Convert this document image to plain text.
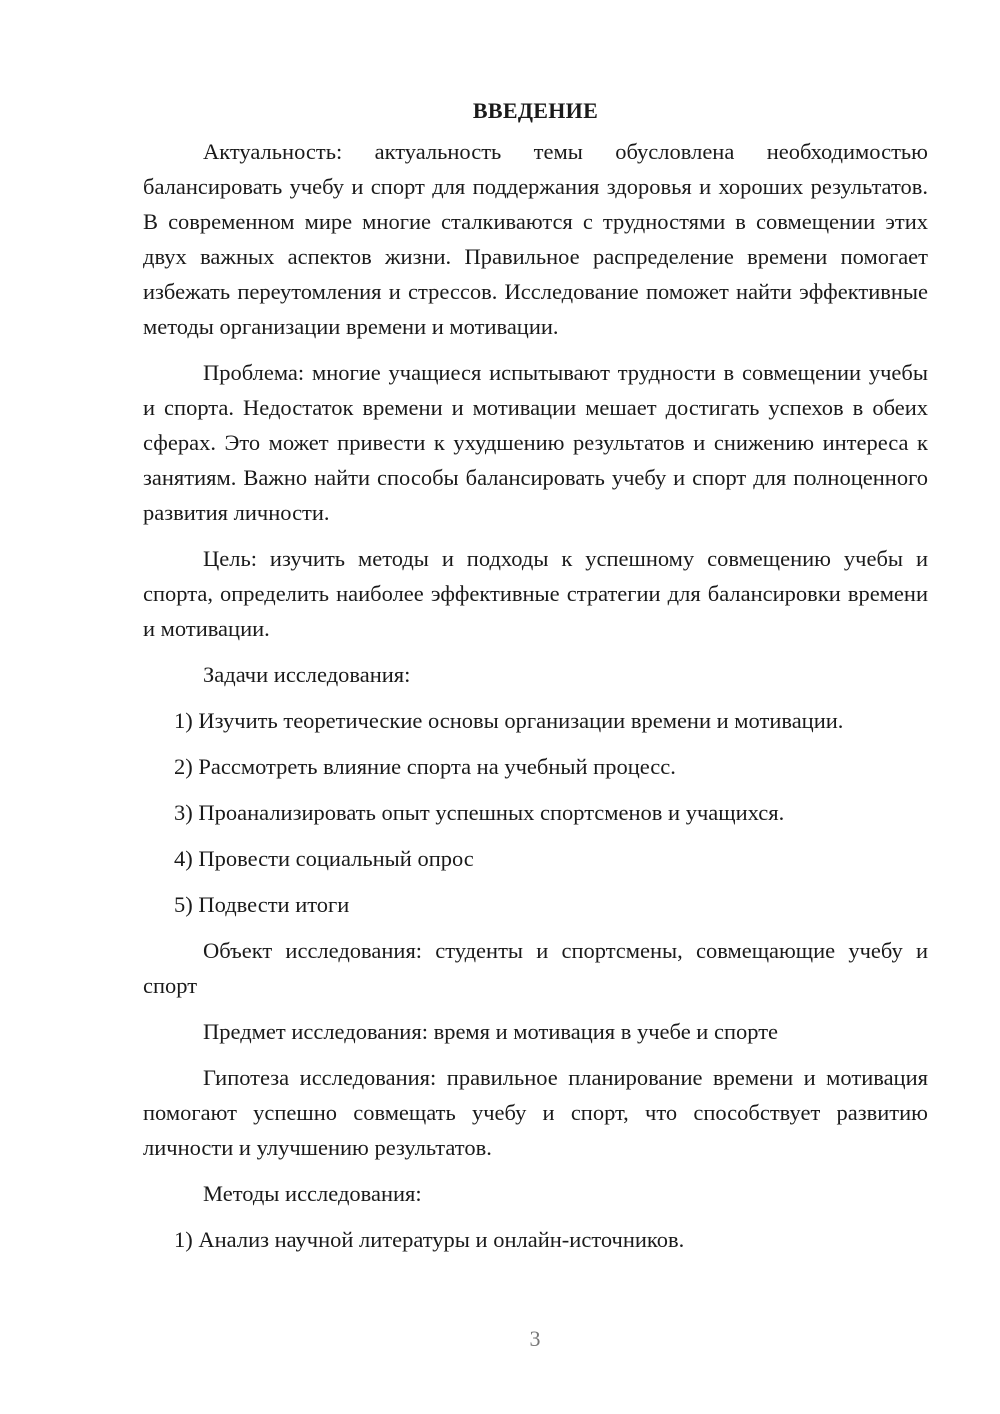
ВВЕДЕНИЕ

Актуальность: актуальность темы обусловлена необходимостью балансировать учебу и спорт для поддержания здоровья и хороших результатов. В современном мире многие сталкиваются с трудностями в совмещении этих двух важных аспектов жизни. Правильное распределение времени помогает избежать переутомления и стрессов. Исследование поможет найти эффективные методы организации времени и мотивации.

Проблема: многие учащиеся испытывают трудности в совмещении учебы и спорта. Недостаток времени и мотивации мешает достигать успехов в обеих сферах. Это может привести к ухудшению результатов и снижению интереса к занятиям. Важно найти способы балансировать учебу и спорт для полноценного развития личности.

Цель: изучить методы и подходы к успешному совмещению учебы и спорта, определить наиболее эффективные стратегии для балансировки времени и мотивации.

Задачи исследования:

1) Изучить теоретические основы организации времени и мотивации.
2) Рассмотреть влияние спорта на учебный процесс.
3) Проанализировать опыт успешных спортсменов и учащихся.
4) Провести социальный опрос
5) Подвести итоги

Объект исследования: студенты и спортсмены, совмещающие учебу и спорт

Предмет исследования: время и мотивация в учебе и спорте

Гипотеза исследования: правильное планирование времени и мотивация помогают успешно совмещать учебу и спорт, что способствует развитию личности и улучшению результатов.

Методы исследования:

1) Анализ научной литературы и онлайн-источников.
3
